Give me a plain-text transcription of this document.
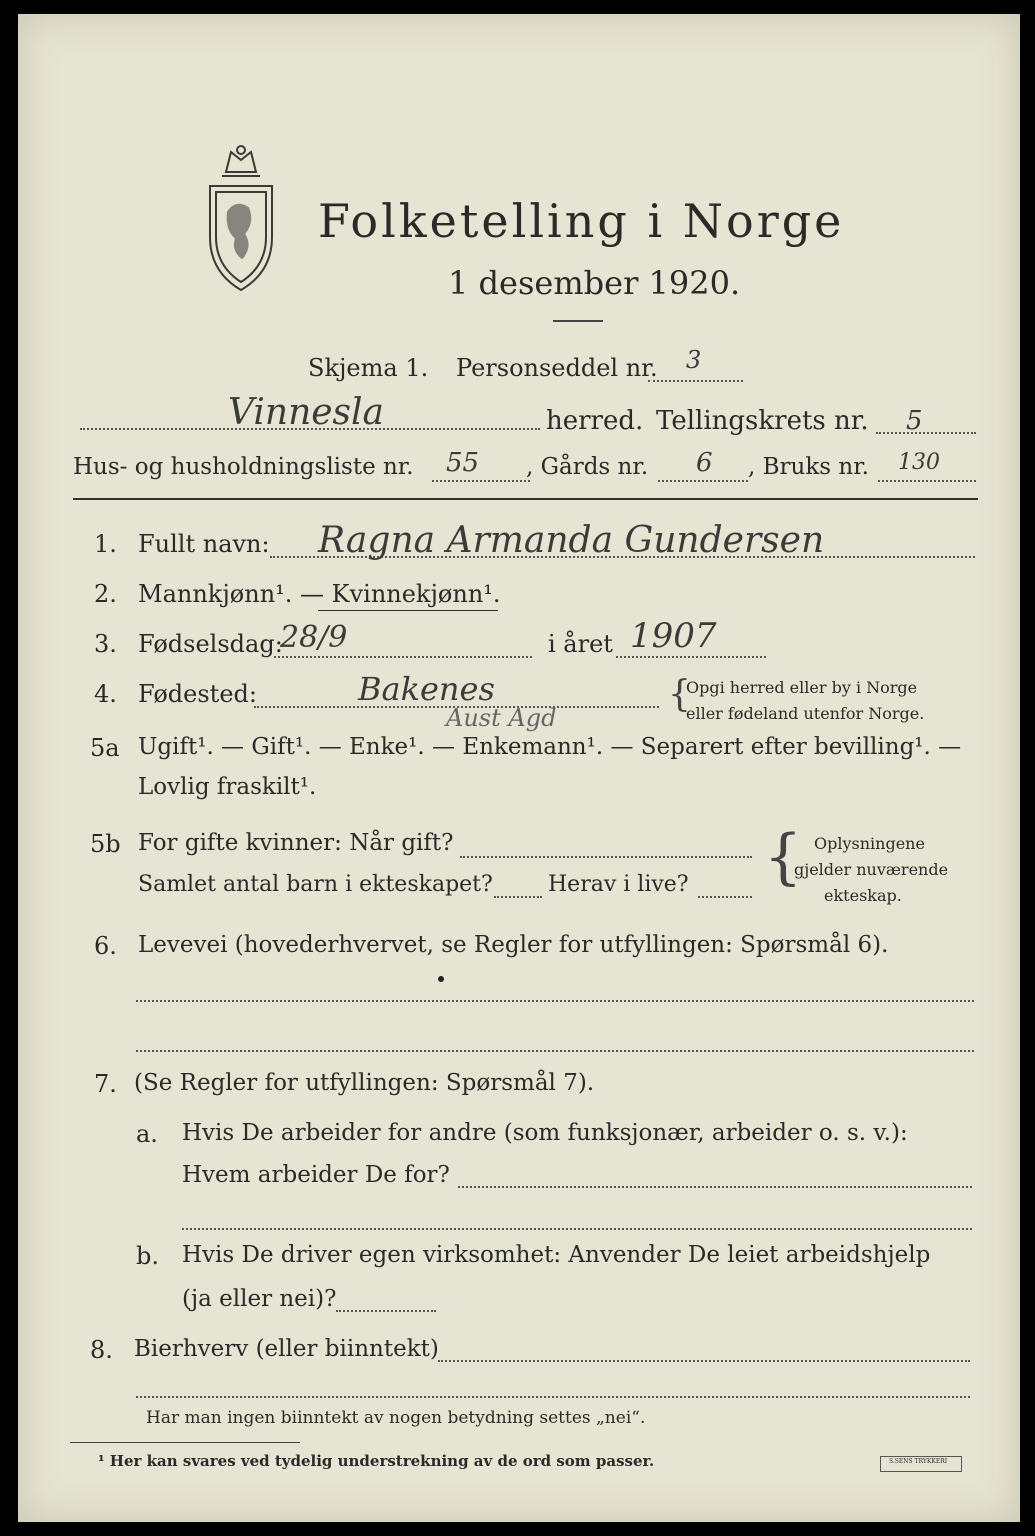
Folketelling i Norge
1 desember 1920.
Skjema 1. Personseddel nr. 3
Vinnesla	herred. Tellingskrets nr. 5
Hus- og husholdningsliste nr. 55 , Gårds nr. 6 , Bruks nr. 130
1. Fullt navn: Ragna Armanda Gundersen
2. Mannkjønn¹. — Kvinnekjønn¹.
3. Fødselsdag:
28/9	i året 1907
4. Fødested:	Bakenes
Aust Agd
{
Opgi herred eller by i Norge
eller fødeland utenfor Norge.
5a Ugift¹. — Gift¹. — Enke¹. — Enkemann¹. — Separert efter bevilling¹. —
Lovlig fraskilt¹.
5b For gifte kvinner: Når gift?
Samlet antal barn i ekteskapet?	Herav i live? { Oplysningene
gjelder nuværende
ekteskap.
6. Levevei (hovederhvervet, se Regler for utfyllingen: Spørsmål 6).
7. (Se Regler for utfyllingen: Spørsmål 7).
a. Hvis De arbeider for andre (som funksjonær, arbeider o. s. v.):
Hvem arbeider De for?
b. Hvis De driver egen virksomhet: Anvender De leiet arbeidshjelp
(ja eller nei)?
8. Bierhverv (eller biinntekt)
Har man ingen biinntekt av nogen betydning settes „nei“.
¹ Her kan svares ved tydelig understrekning av de ord som passer.	S.SENS TRYKKERI
